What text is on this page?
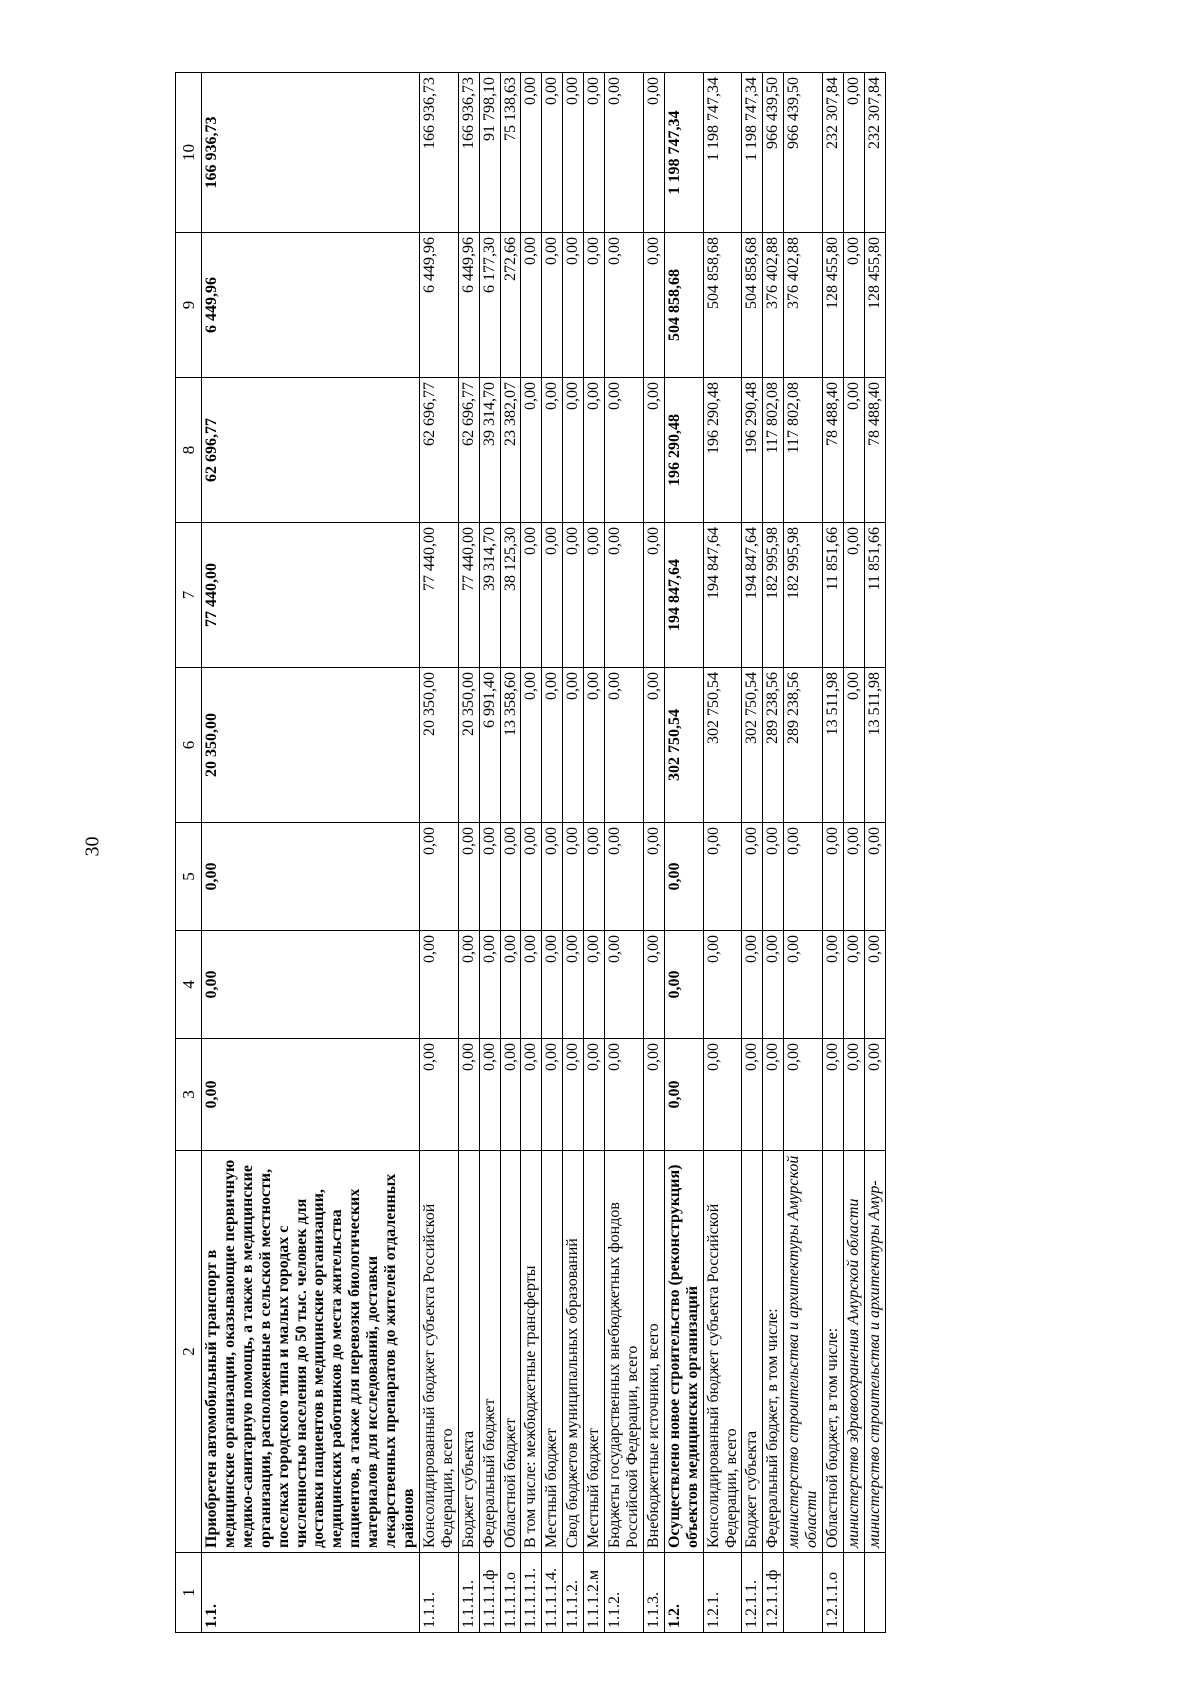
30
1	2	3	4	5	6	7	8	9	10
1.1.	Приобретен автомобильный транспорт в медицинские организации, оказывающие первичную медико-санитарную помощь, а также в медицинские организации, расположенные в сельской местности, поселках городского типа и малых городах с численностью населения до 50 тыс. человек для доставки пациентов в медицинские организации, медицинских работников до места жительства пациентов, а также для перевозки биологических материалов для исследований, доставки лекарственных препаратов до жителей отдаленных районов	0,00	0,00	0,00	20 350,00	77 440,00	62 696,77	6 449,96	166 936,73
1.1.1.	Консолидированный бюджет субъекта Российской Федерации, всего	0,00	0,00	0,00	20 350,00	77 440,00	62 696,77	6 449,96	166 936,73
1.1.1.1.	Бюджет субъекта	0,00	0,00	0,00	20 350,00	77 440,00	62 696,77	6 449,96	166 936,73
1.1.1.1.ф	Федеральный бюджет	0,00	0,00	0,00	6 991,40	39 314,70	39 314,70	6 177,30	91 798,10
1.1.1.1.о	Областной бюджет	0,00	0,00	0,00	13 358,60	38 125,30	23 382,07	272,66	75 138,63
1.1.1.1.1.	В том числе: межбюджетные трансферты	0,00	0,00	0,00	0,00	0,00	0,00	0,00	0,00
1.1.1.1.4.	Местный бюджет	0,00	0,00	0,00	0,00	0,00	0,00	0,00	0,00
1.1.1.2.	Свод бюджетов муниципальных образований	0,00	0,00	0,00	0,00	0,00	0,00	0,00	0,00
1.1.1.2.м	Местный бюджет	0,00	0,00	0,00	0,00	0,00	0,00	0,00	0,00
1.1.2.	Бюджеты государственных внебюджетных фондов Российской Федерации, всего	0,00	0,00	0,00	0,00	0,00	0,00	0,00	0,00
1.1.3.	Внебюджетные источники, всего	0,00	0,00	0,00	0,00	0,00	0,00	0,00	0,00
1.2.	Осуществлено новое строительство (реконструкция) объектов медицинских организаций	0,00	0,00	0,00	302 750,54	194 847,64	196 290,48	504 858,68	1 198 747,34
1.2.1.	Консолидированный бюджет субъекта Российской Федерации, всего	0,00	0,00	0,00	302 750,54	194 847,64	196 290,48	504 858,68	1 198 747,34
1.2.1.1.	Бюджет субъекта	0,00	0,00	0,00	302 750,54	194 847,64	196 290,48	504 858,68	1 198 747,34
1.2.1.1.ф	Федеральный бюджет, в том числе:	0,00	0,00	0,00	289 238,56	182 995,98	117 802,08	376 402,88	966 439,50
	министерство строительства и архитектуры Амурской области	0,00	0,00	0,00	289 238,56	182 995,98	117 802,08	376 402,88	966 439,50
1.2.1.1.о	Областной бюджет, в том числе:	0,00	0,00	0,00	13 511,98	11 851,66	78 488,40	128 455,80	232 307,84
	министерство здравоохранения Амурской области	0,00	0,00	0,00	0,00	0,00	0,00	0,00	0,00
	министерство строительства и архитектуры Амур-	0,00	0,00	0,00	13 511,98	11 851,66	78 488,40	128 455,80	232 307,84
